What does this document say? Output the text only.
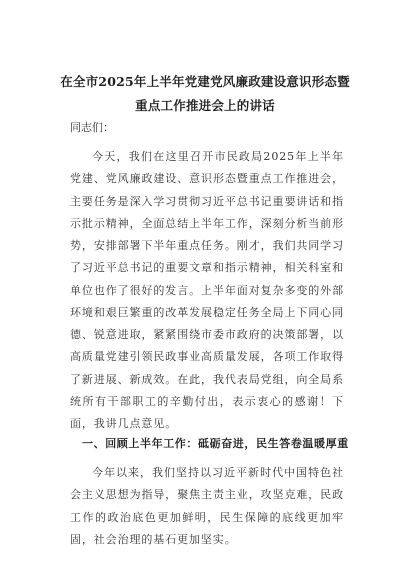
在全市2025年上半年党建党风廉政建设意识形态暨重点工作推进会上的讲话
同志们：
今天，我们在这里召开市民政局2025年上半年党建、党风廉政建设、意识形态暨重点工作推进会，主要任务是深入学习贯彻习近平总书记重要讲话和指示批示精神，全面总结上半年工作，深刻分析当前形势，安排部署下半年重点任务。刚才，我们共同学习了习近平总书记的重要文章和指示精神，相关科室和单位也作了很好的发言。上半年面对复杂多变的外部环境和艰巨繁重的改革发展稳定任务全局上下同心同德、锐意进取，紧紧围绕市委市政府的决策部署，以高质量党建引领民政事业高质量发展，各项工作取得了新进展、新成效。在此，我代表局党组，向全局系统所有干部职工的辛勤付出，表示衷心的感谢！下面，我讲几点意见。
一、回顾上半年工作：砥砺奋进，民生答卷温暖厚重
今年以来，我们坚持以习近平新时代中国特色社会主义思想为指导，聚焦主责主业，攻坚克难，民政工作的政治底色更加鲜明，民生保障的底线更加牢固，社会治理的基石更加坚实。
